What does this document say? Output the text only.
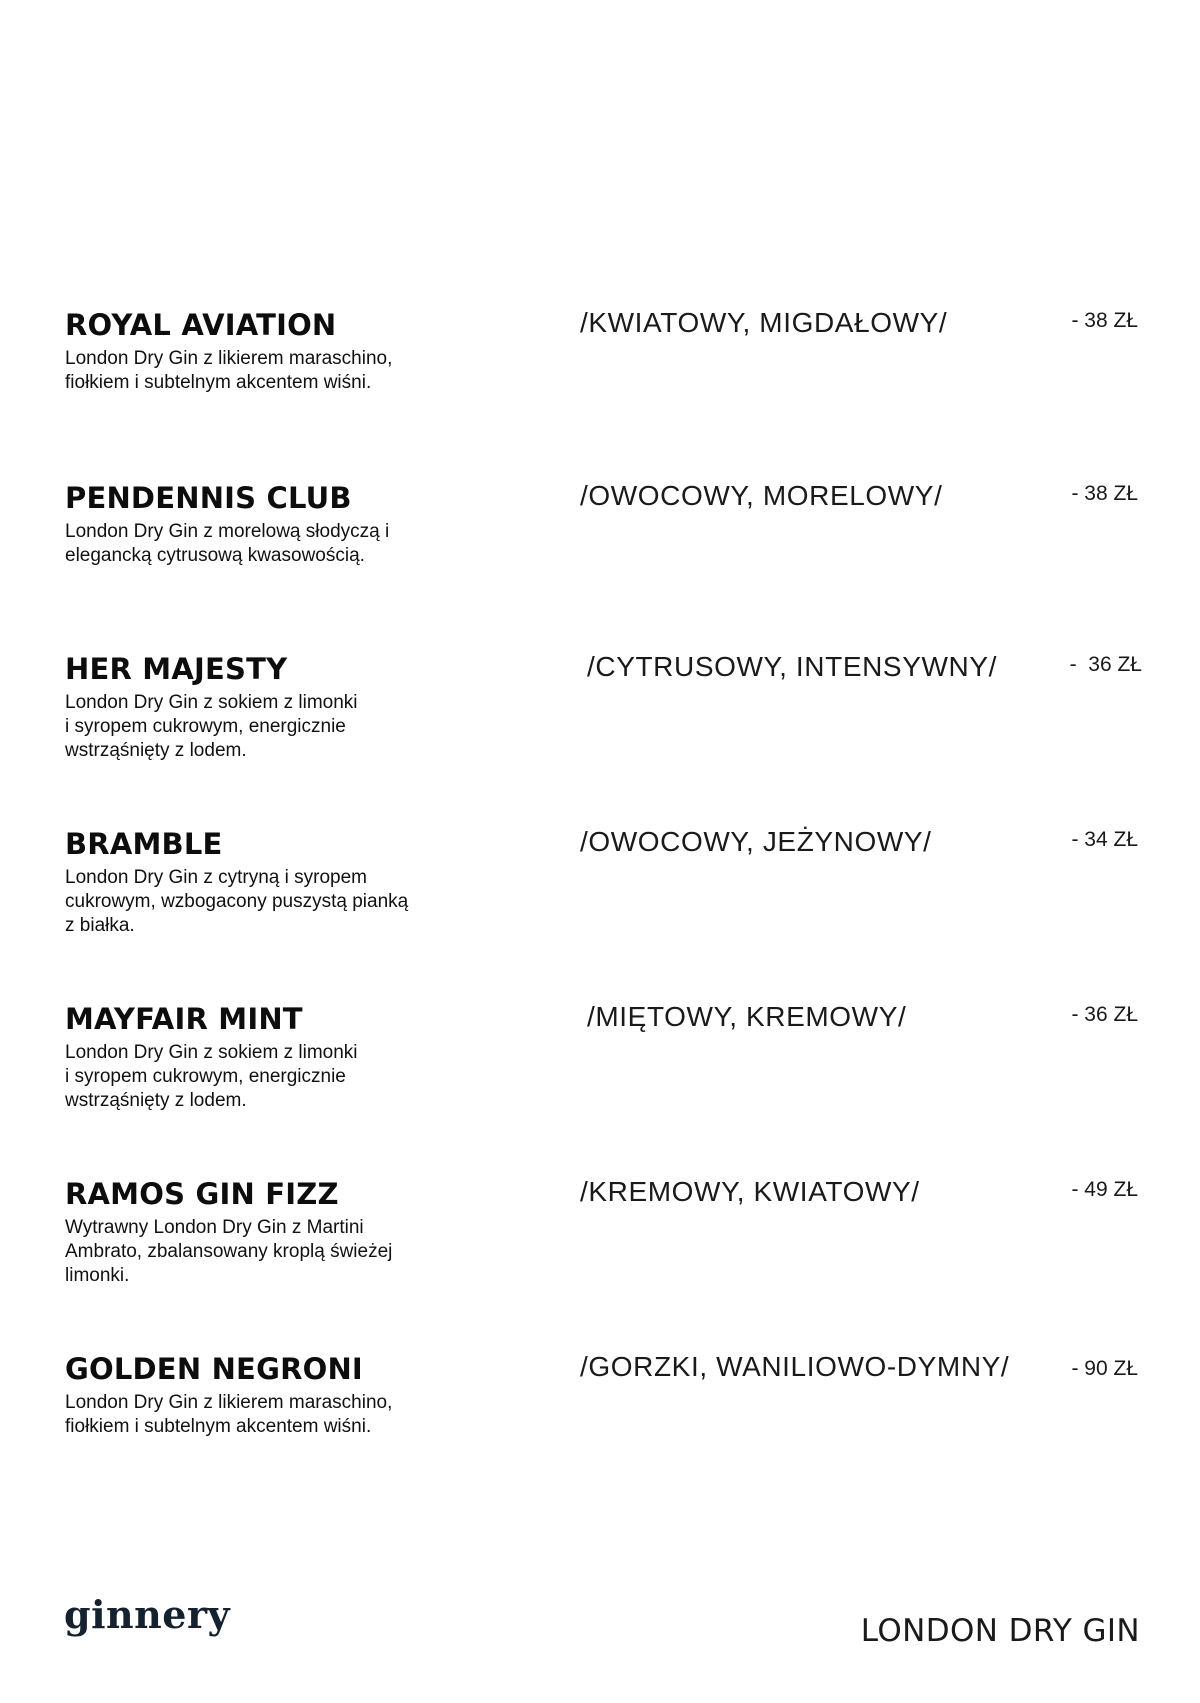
ROYAL AVIATION
London Dry Gin z likierem maraschino,
fiołkiem i subtelnym akcentem wiśni.
/KWIATOWY, MIGDAŁOWY/	- 38 ZŁ
PENDENNIS CLUB
London Dry Gin z morelową słodyczą i
elegancką cytrusową kwasowością.
/OWOCOWY, MORELOWY/	- 38 ZŁ
HER MAJESTY
London Dry Gin z sokiem z limonki
i syropem cukrowym, energicznie
wstrząśnięty z lodem.
/CYTRUSOWY, INTENSYWNY/	-  36 ZŁ
BRAMBLE
London Dry Gin z cytryną i syropem
cukrowym, wzbogacony puszystą pianką
z białka.
/OWOCOWY, JEŻYNOWY/	- 34 ZŁ
MAYFAIR MINT
London Dry Gin z sokiem z limonki
i syropem cukrowym, energicznie
wstrząśnięty z lodem.
/MIĘTOWY, KREMOWY/	- 36 ZŁ
RAMOS GIN FIZZ
Wytrawny London Dry Gin z Martini
Ambrato, zbalansowany kroplą świeżej
limonki.
/KREMOWY, KWIATOWY/	- 49 ZŁ
GOLDEN NEGRONI
London Dry Gin z likierem maraschino,
fiołkiem i subtelnym akcentem wiśni.
/GORZKI, WANILIOWO-DYMNY/	- 90 ZŁ
ginnery	LONDON DRY GIN
